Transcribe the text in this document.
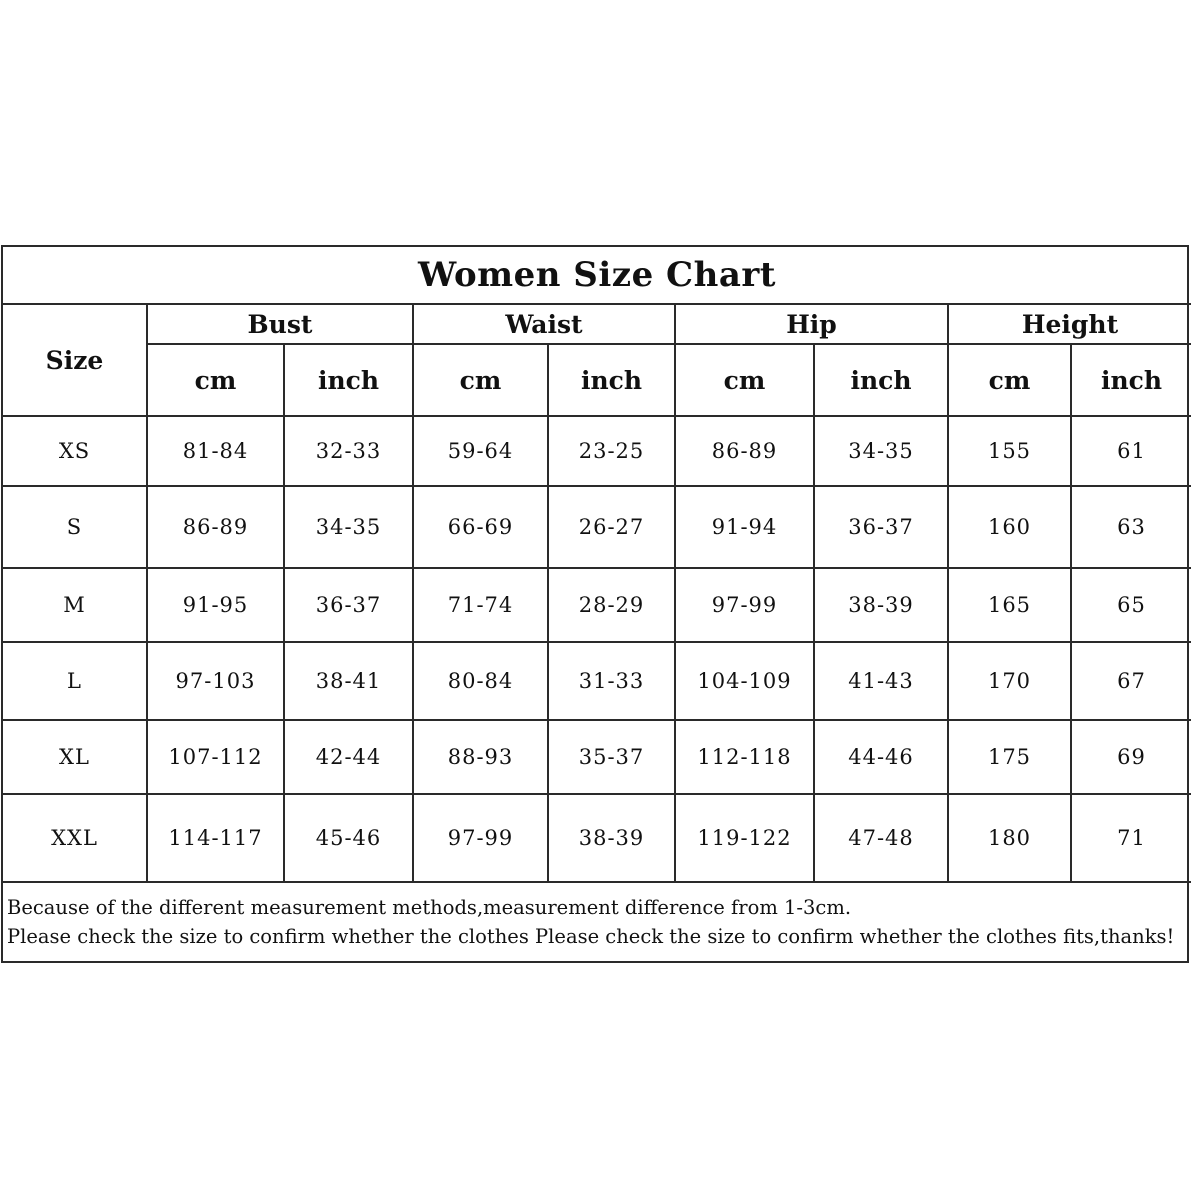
Women Size Chart								
Size	Bust		Waist		Hip		Height	
	cm	inch	cm	inch	cm	inch	cm	inch
XS	81-84	32-33	59-64	23-25	86-89	34-35	155	61
S	86-89	34-35	66-69	26-27	91-94	36-37	160	63
M	91-95	36-37	71-74	28-29	97-99	38-39	165	65
L	97-103	38-41	80-84	31-33	104-109	41-43	170	67
XL	107-112	42-44	88-93	35-37	112-118	44-46	175	69
XXL	114-117	45-46	97-99	38-39	119-122	47-48	180	71

Because of the different measurement methods,measurement difference from 1-3cm.
Please check the size to confirm whether the clothes Please check the size to confirm whether the clothes fits,thanks!								
